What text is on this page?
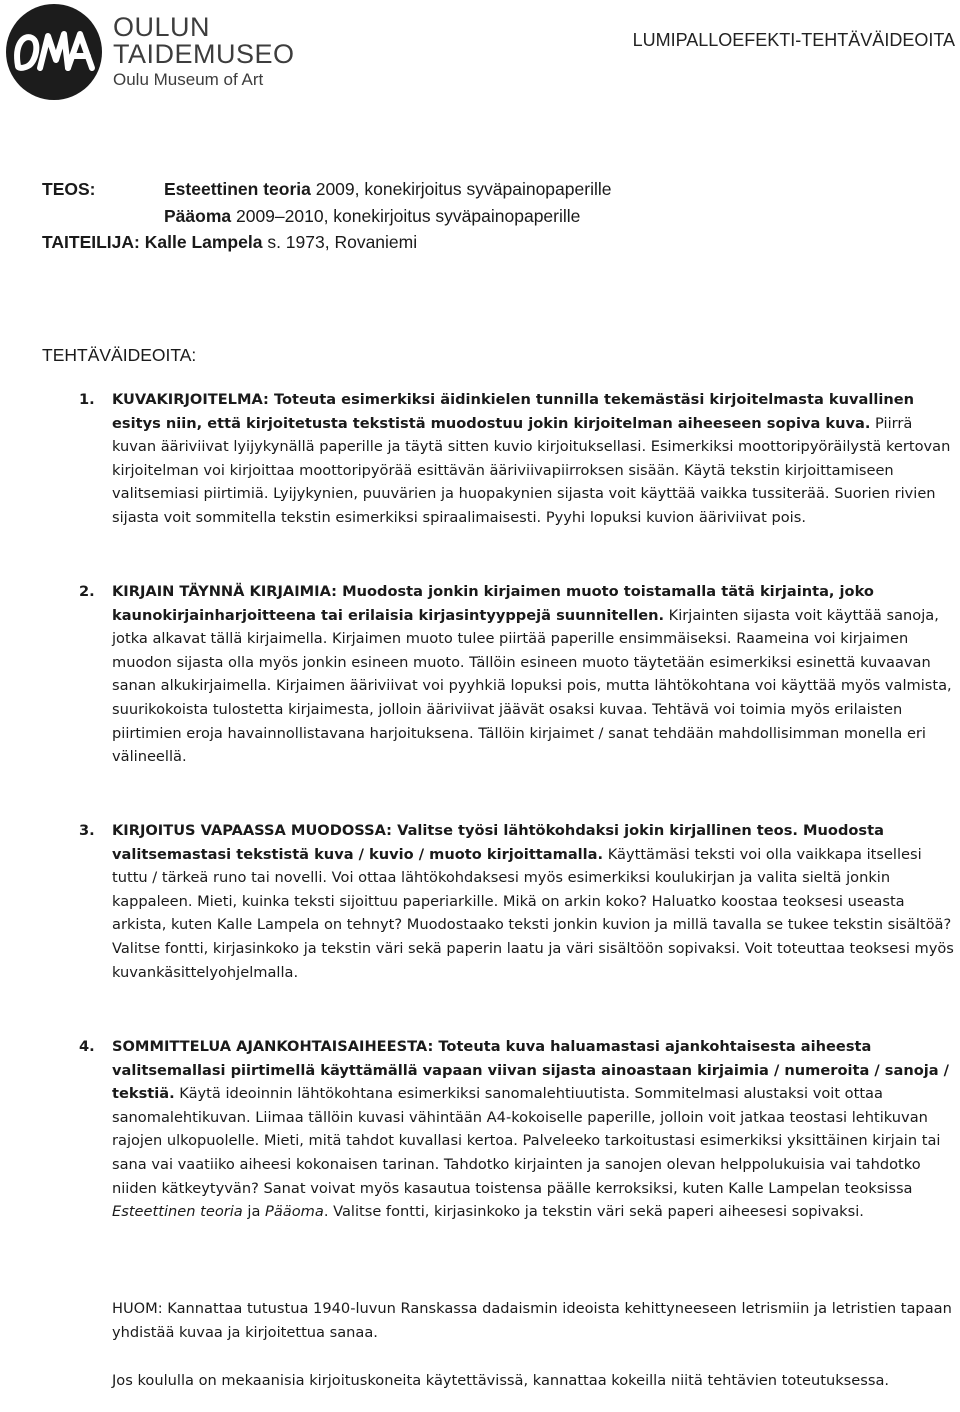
OULUN
TAIDEMUSEO
Oulu Museum of Art
LUMIPALLOEFEKTI-TEHTÄVÄIDEOITA
TEOS:	Esteettinen teoria 2009, konekirjoitus syväpainopaperille
Pääoma 2009–2010, konekirjoitus syväpainopaperille
TAITEILIJA: Kalle Lampela s. 1973, Rovaniemi
TEHTÄVÄIDEOITA:
1. KUVAKIRJOITELMA: Toteuta esimerkiksi äidinkielen tunnilla tekemästäsi kirjoitelmasta kuvallinen esitys niin, että kirjoitetusta tekstistä muodostuu jokin kirjoitelman aiheeseen sopiva kuva. Piirrä kuvan ääriviivat lyijykynällä paperille ja täytä sitten kuvio kirjoituksellasi. Esimerkiksi moottoripyöräilystä kertovan kirjoitelman voi kirjoittaa moottoripyörää esittävän ääriviivapiirroksen sisään. Käytä tekstin kirjoittamiseen valitsemiasi piirtimiä. Lyijykynien, puuvärien ja huopakynien sijasta voit käyttää vaikka tussiterää. Suorien rivien sijasta voit sommitella tekstin esimerkiksi spiraalimaisesti. Pyyhi lopuksi kuvion ääriviivat pois.

2. KIRJAIN TÄYNNÄ KIRJAIMIA: Muodosta jonkin kirjaimen muoto toistamalla tätä kirjainta, joko kaunokirjainharjoitteena tai erilaisia kirjasintyyppejä suunnitellen. Kirjainten sijasta voit käyttää sanoja, jotka alkavat tällä kirjaimella. Kirjaimen muoto tulee piirtää paperille ensimmäiseksi. Raameina voi kirjaimen muodon sijasta olla myös jonkin esineen muoto. Tällöin esineen muoto täytetään esimerkiksi esinettä kuvaavan sanan alkukirjaimella. Kirjaimen ääriviivat voi pyyhkiä lopuksi pois, mutta lähtökohtana voi käyttää myös valmista, suurikokoista tulostetta kirjaimesta, jolloin ääriviivat jäävät osaksi kuvaa. Tehtävä voi toimia myös erilaisten piirtimien eroja havainnollistavana harjoituksena. Tällöin kirjaimet / sanat tehdään mahdollisimman monella eri välineellä.

3. KIRJOITUS VAPAASSA MUODOSSA: Valitse työsi lähtökohdaksi jokin kirjallinen teos. Muodosta valitsemastasi tekstistä kuva / kuvio / muoto kirjoittamalla. Käyttämäsi teksti voi olla vaikkapa itsellesi tuttu / tärkeä runo tai novelli. Voi ottaa lähtökohdaksesi myös esimerkiksi koulukirjan ja valita sieltä jonkin kappaleen. Mieti, kuinka teksti sijoittuu paperiarkille. Mikä on arkin koko? Haluatko koostaa teoksesi useasta arkista, kuten Kalle Lampela on tehnyt? Muodostaako teksti jonkin kuvion ja millä tavalla se tukee tekstin sisältöä? Valitse fontti, kirjasinkoko ja tekstin väri sekä paperin laatu ja väri sisältöön sopivaksi. Voit toteuttaa teoksesi myös kuvankäsittelyohjelmalla.

4. SOMMITTELUA AJANKOHTAISAIHEESTA: Toteuta kuva haluamastasi ajankohtaisesta aiheesta valitsemallasi piirtimellä käyttämällä vapaan viivan sijasta ainoastaan kirjaimia / numeroita / sanoja / tekstiä. Käytä ideoinnin lähtökohtana esimerkiksi sanomalehtiuutista. Sommitelmasi alustaksi voit ottaa sanomalehtikuvan. Liimaa tällöin kuvasi vähintään A4-kokoiselle paperille, jolloin voit jatkaa teostasi lehtikuvan rajojen ulkopuolelle. Mieti, mitä tahdot kuvallasi kertoa. Palveleeko tarkoitustasi esimerkiksi yksittäinen kirjain tai sana vai vaatiiko aiheesi kokonaisen tarinan. Tahdotko kirjainten ja sanojen olevan helppolukuisia vai tahdotko niiden kätkeytyvän? Sanat voivat myös kasautua toistensa päälle kerroksiksi, kuten Kalle Lampelan teoksissa Esteettinen teoria ja Pääoma. Valitse fontti, kirjasinkoko ja tekstin väri sekä paperi aiheesesi sopivaksi.

HUOM: Kannattaa tutustua 1940-luvun Ranskassa dadaismin ideoista kehittyneeseen letrismiin ja letristien tapaan yhdistää kuvaa ja kirjoitettua sanaa.

Jos koululla on mekaanisia kirjoituskoneita käytettävissä, kannattaa kokeilla niitä tehtävien toteutuksessa.
